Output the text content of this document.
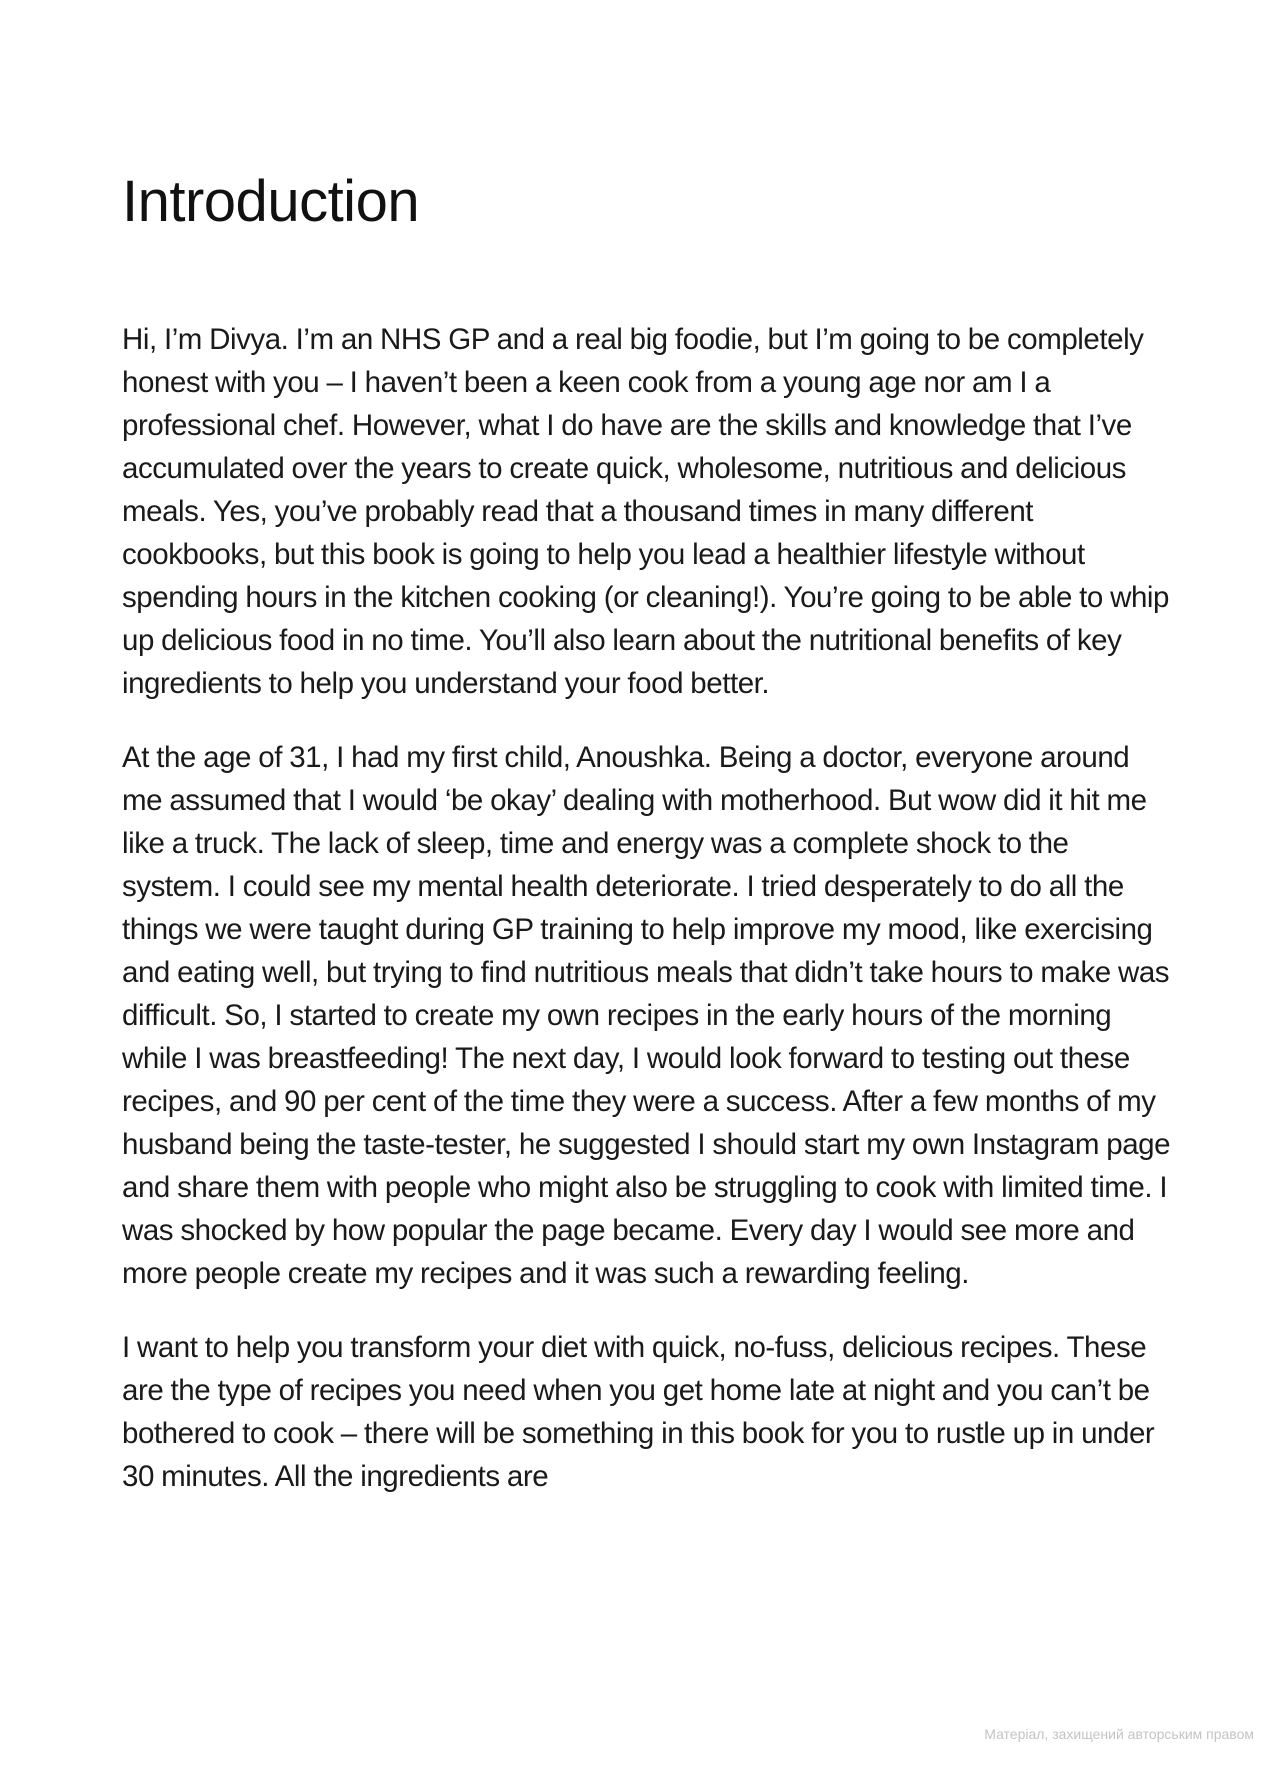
Introduction

Hi, I’m Divya. I’m an NHS GP and a real big foodie, but I’m going to be completely honest with you – I haven’t been a keen cook from a young age nor am I a professional chef. However, what I do have are the skills and knowledge that I’ve accumulated over the years to create quick, wholesome, nutritious and delicious meals. Yes, you’ve probably read that a thousand times in many different cookbooks, but this book is going to help you lead a healthier lifestyle without spending hours in the kitchen cooking (or cleaning!). You’re going to be able to whip up delicious food in no time. You’ll also learn about the nutritional benefits of key ingredients to help you understand your food better.

At the age of 31, I had my first child, Anoushka. Being a doctor, everyone around me assumed that I would ‘be okay’ dealing with motherhood. But wow did it hit me like a truck. The lack of sleep, time and energy was a complete shock to the system. I could see my mental health deteriorate. I tried desperately to do all the things we were taught during GP training to help improve my mood, like exercising and eating well, but trying to find nutritious meals that didn’t take hours to make was difficult. So, I started to create my own recipes in the early hours of the morning while I was breastfeeding! The next day, I would look forward to testing out these recipes, and 90 per cent of the time they were a success. After a few months of my husband being the taste-tester, he suggested I should start my own Instagram page and share them with people who might also be struggling to cook with limited time. I was shocked by how popular the page became. Every day I would see more and more people create my recipes and it was such a rewarding feeling.

I want to help you transform your diet with quick, no-fuss, delicious recipes. These are the type of recipes you need when you get home late at night and you can’t be bothered to cook – there will be something in this book for you to rustle up in under 30 minutes. All the ingredients are

Матеріал, захищений авторським правом
